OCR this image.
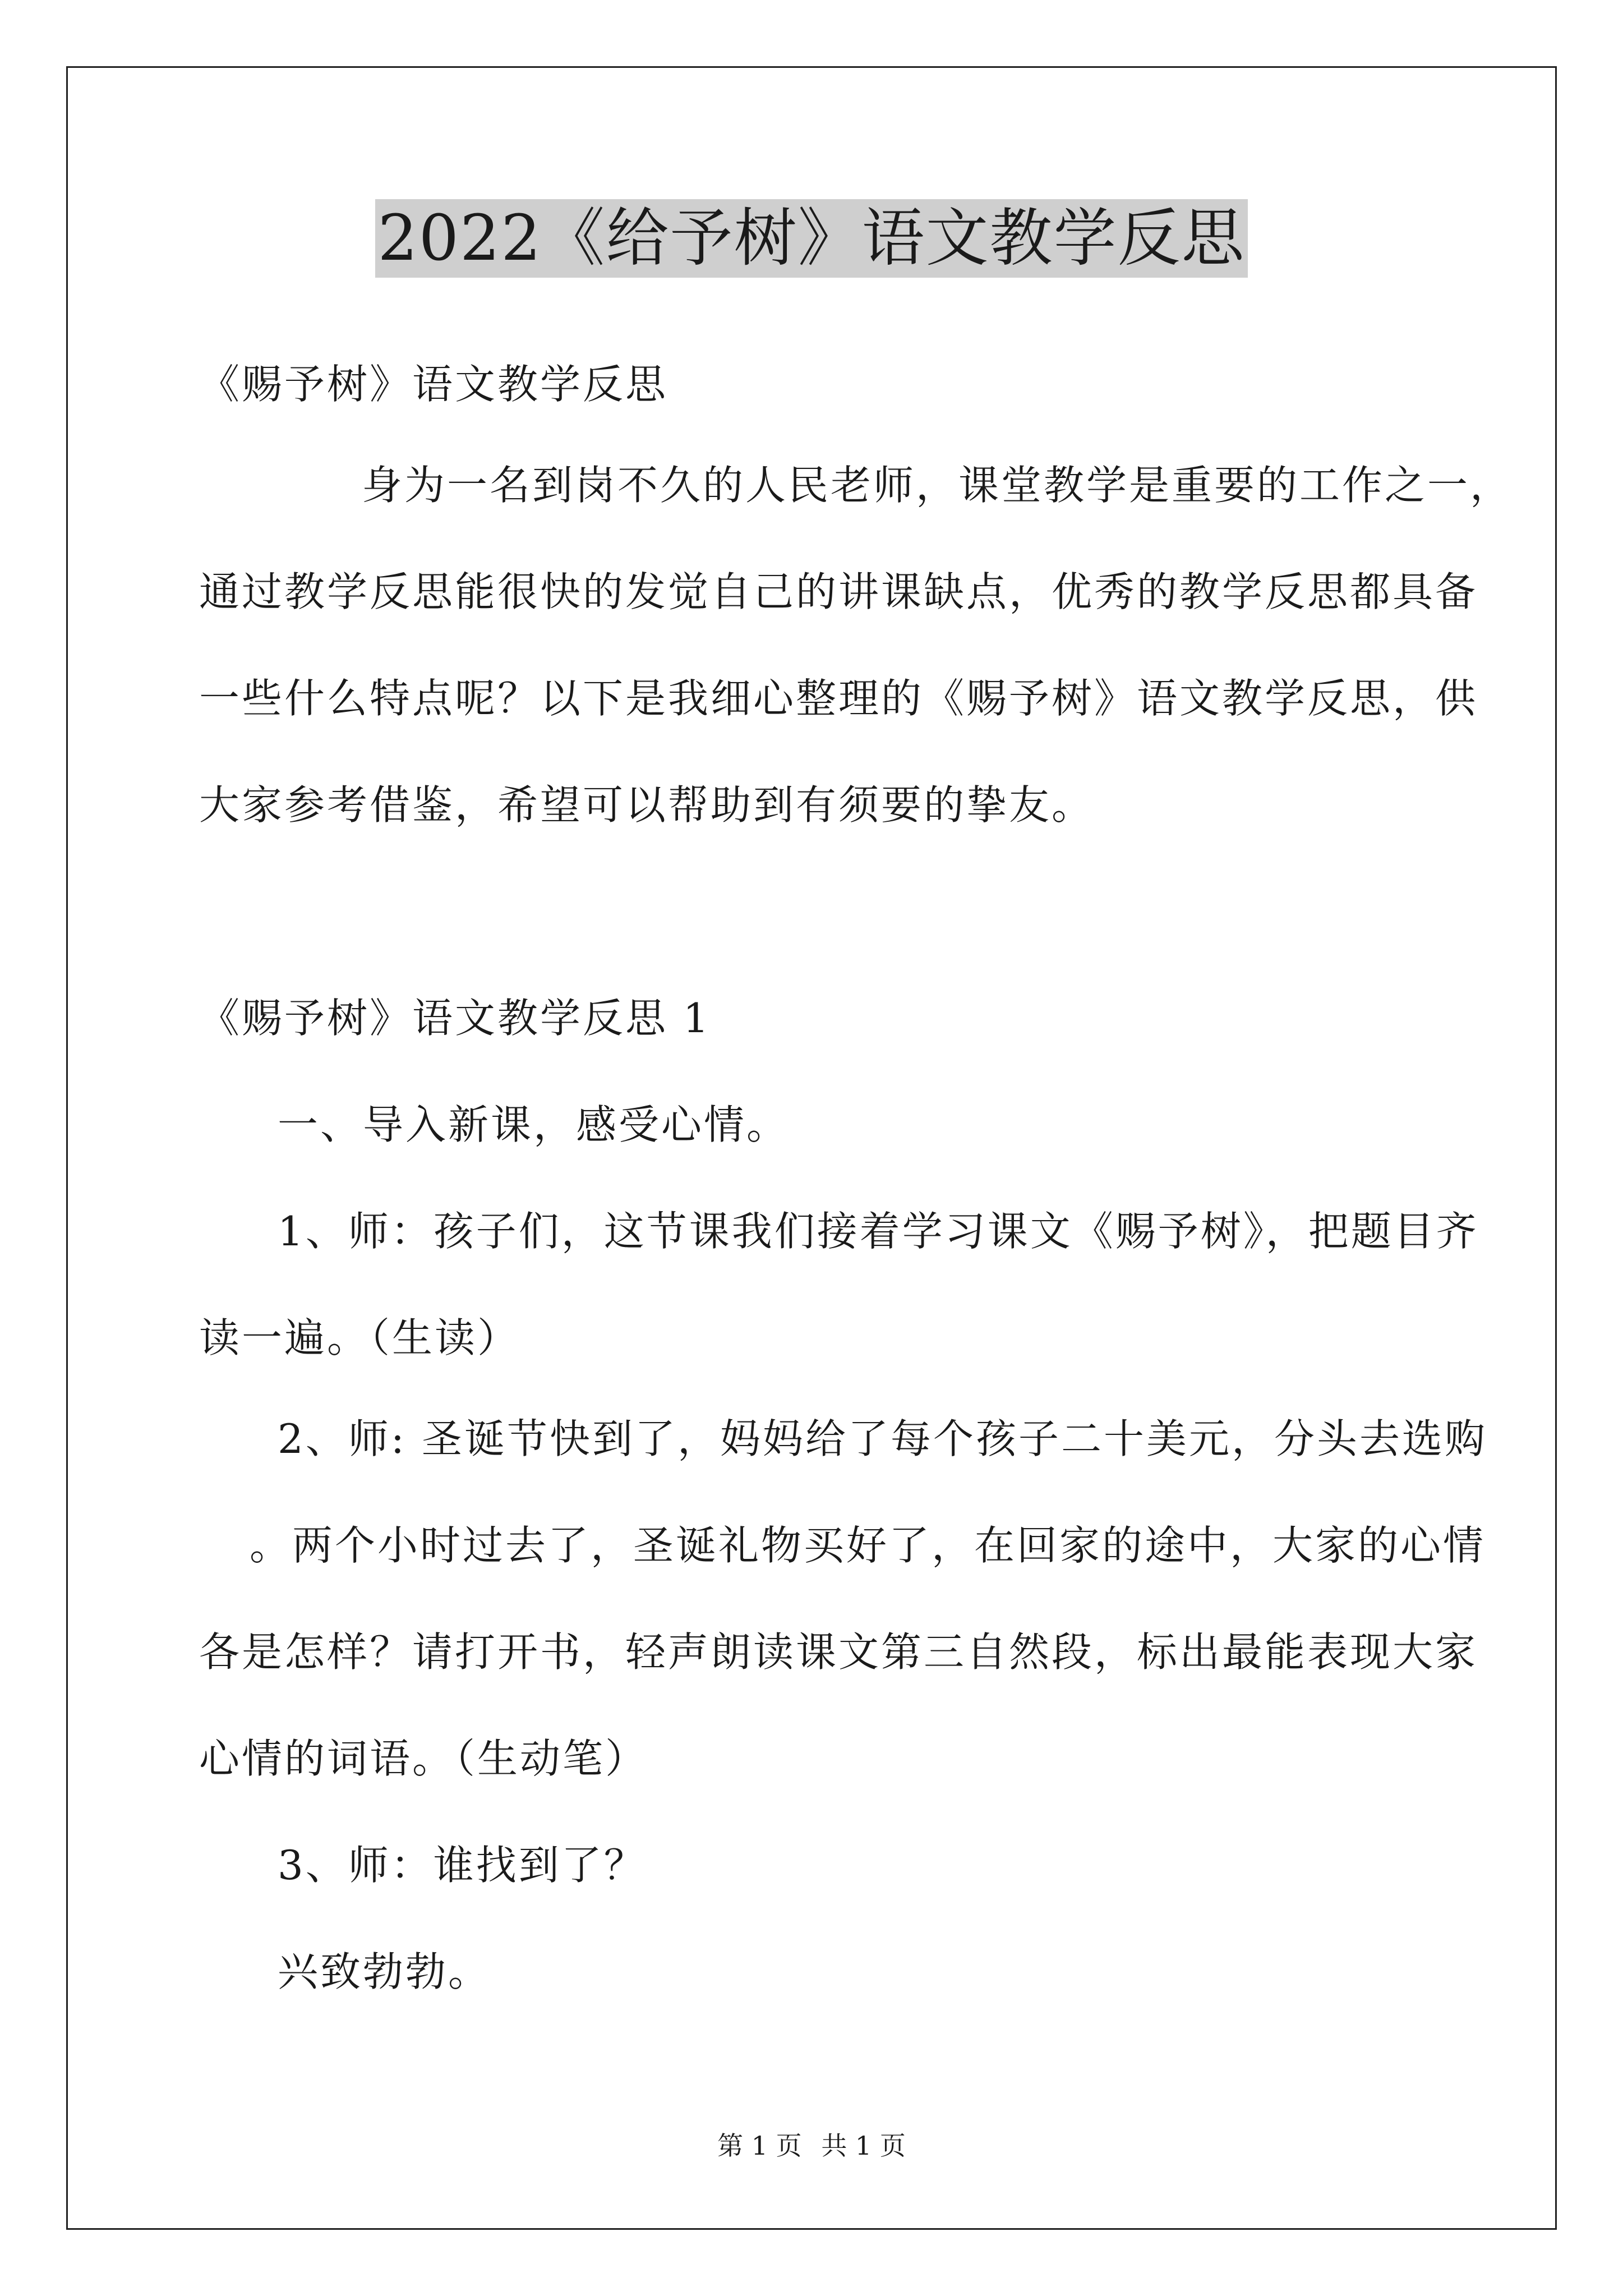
2022《给予树》语文教学反思
《赐予树》语文教学反思
身为一名到岗不久的人民老师，课堂教学是重要的工作之一，
通过教学反思能很快的发觉自己的讲课缺点，优秀的教学反思都具备
一些什么特点呢？以下是我细心整理的《赐予树》语文教学反思，供
大家参考借鉴，希望可以帮助到有须要的挚友。
《赐予树》语文教学反思 1
一、导入新课，感受心情。
1、师：孩子们，这节课我们接着学习课文《赐予树》，把题目齐
读一遍。（生读）
2、师: 圣诞节快到了，妈妈给了每个孩子二十美元，分头去选购
。两个小时过去了，圣诞礼物买好了，在回家的途中，大家的心情
各是怎样？请打开书，轻声朗读课文第三自然段，标出最能表现大家
心情的词语。（生动笔）
3、师：谁找到了？
兴致勃勃。
第 1 页 共 1 页
